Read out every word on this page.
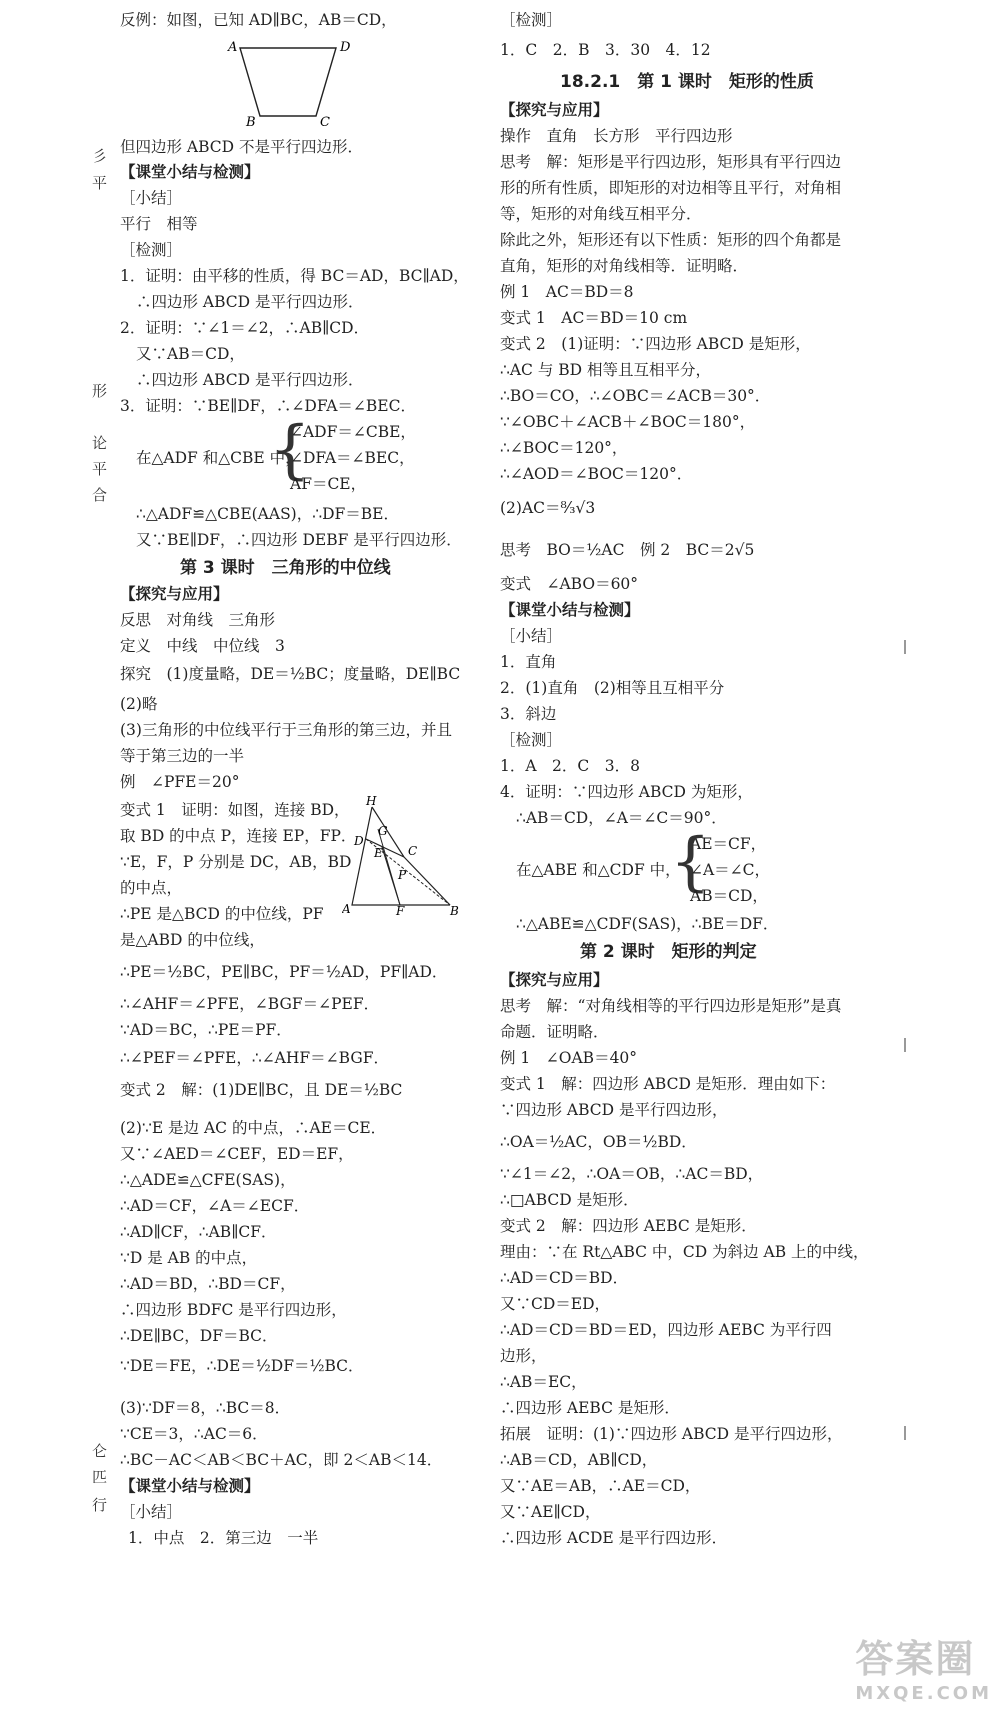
反例：如图，已知 AD∥BC，AB＝CD，
A	D
B	C
但四边形 ABCD 不是平行四边形．
【课堂小结与检测】
［小结］
平行　相等
［检测］
1．证明：由平移的性质，得 BC＝AD，BC∥AD，
∴四边形 ABCD 是平行四边形．
2．证明：∵∠1＝∠2，∴AB∥CD．
又∵AB＝CD，
∴四边形 ABCD 是平行四边形．
3．证明：∵BE∥DF，∴∠DFA＝∠BEC．
∠ADF＝∠CBE，
在△ADF 和△CBE 中，
{
∠DFA＝∠BEC，
AF＝CE，
∴△ADF≌△CBE(AAS)，∴DF＝BE．
又∵BE∥DF，∴四边形 DEBF 是平行四边形．
第 3 课时　三角形的中位线
【探究与应用】
反思　对角线　三角形
定义　中线　中位线　3
探究　(1)度量略，DE＝½BC；度量略，DE∥BC
(2)略
(3)三角形的中位线平行于三角形的第三边，并且
等于第三边的一半
例　∠PFE＝20°
变式 1　证明：如图，连接 BD，
取 BD 的中点 P，连接 EP，FP．
∵E，F，P 分别是 DC，AB，BD
的中点，
∴PE 是△BCD 的中位线，PF
是△ABD 的中位线，
H
G
D
E C
P
A	F	B
∴PE＝½BC，PE∥BC，PF＝½AD，PF∥AD．
∴∠AHF＝∠PFE，∠BGF＝∠PEF．
∵AD＝BC，∴PE＝PF．
∴∠PEF＝∠PFE，∴∠AHF＝∠BGF．
变式 2　解：(1)DE∥BC，且 DE＝½BC
(2)∵E 是边 AC 的中点，∴AE＝CE．
又∵∠AED＝∠CEF，ED＝EF，
∴△ADE≌△CFE(SAS)，
∴AD＝CF，∠A＝∠ECF．
∴AD∥CF，∴AB∥CF．
∵D 是 AB 的中点，
∴AD＝BD，∴BD＝CF，
∴四边形 BDFC 是平行四边形，
∴DE∥BC，DF＝BC．
∵DE＝FE，∴DE＝½DF＝½BC．
(3)∵DF＝8，∴BC＝8．
∵CE＝3，∴AC＝6．
∴BC－AC＜AB＜BC＋AC，即 2＜AB＜14．
【课堂小结与检测】
［小结］
1．中点　2．第三边　一半
彡
平
形
论
平
合
仑
匹
行
［检测］
1．C　2．B　3．30　4．12
18.2.1　第 1 课时　矩形的性质
【探究与应用】
操作　直角　长方形　平行四边形
思考　解：矩形是平行四边形，矩形具有平行四边
形的所有性质，即矩形的对边相等且平行，对角相
等，矩形的对角线互相平分．
除此之外，矩形还有以下性质：矩形的四个角都是
直角，矩形的对角线相等．证明略．
例 1　AC＝BD＝8
变式 1　AC＝BD＝10 cm
变式 2　(1)证明：∵四边形 ABCD 是矩形，
∴AC 与 BD 相等且互相平分，
∴BO＝CO，∴∠OBC＝∠ACB＝30°．
∵∠OBC＋∠ACB＋∠BOC＝180°，
∴∠BOC＝120°，
∴∠AOD＝∠BOC＝120°．
(2)AC＝⁸⁄₃√3
思考　BO＝½AC　例 2　BC＝2√5
变式　∠ABO＝60°
【课堂小结与检测】
［小结］
1．直角
2．(1)直角　(2)相等且互相平分
3．斜边
［检测］
1．A　2．C　3．8
4．证明：∵四边形 ABCD 为矩形，
∴AB＝CD，∠A＝∠C＝90°．
AE＝CF，
在△ABE 和△CDF 中，
{
∠A＝∠C，
AB＝CD，
∴△ABE≌△CDF(SAS)，∴BE＝DF．
第 2 课时　矩形的判定
【探究与应用】
思考　解：“对角线相等的平行四边形是矩形”是真
命题．证明略．
例 1　∠OAB＝40°
变式 1　解：四边形 ABCD 是矩形．理由如下：
∵四边形 ABCD 是平行四边形，
∴OA＝½AC，OB＝½BD．
∵∠1＝∠2，∴OA＝OB，∴AC＝BD，
∴□ABCD 是矩形．
变式 2　解：四边形 AEBC 是矩形．
理由：∵在 Rt△ABC 中，CD 为斜边 AB 上的中线，
∴AD＝CD＝BD．
又∵CD＝ED，
∴AD＝CD＝BD＝ED，四边形 AEBC 为平行四
边形，
∴AB＝EC，
∴四边形 AEBC 是矩形．
拓展　证明：(1)∵四边形 ABCD 是平行四边形，
∴AB＝CD，AB∥CD，
又∵AE＝AB，∴AE＝CD，
又∵AE∥CD，
∴四边形 ACDE 是平行四边形．
答案圈
MXQE.COM
